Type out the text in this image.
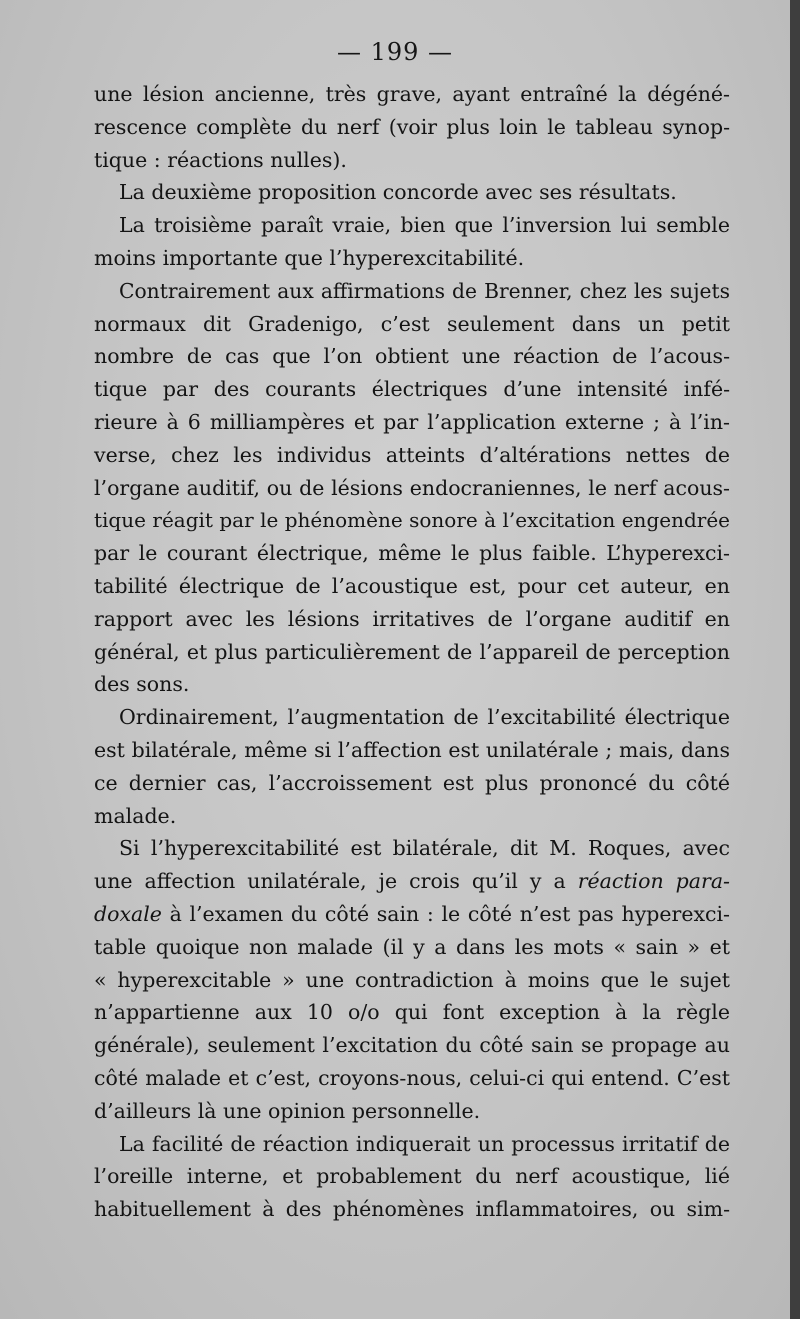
— 199 —
une lésion ancienne, très grave, ayant entraîné la dégéné-
rescence complète du nerf (voir plus loin le tableau synop-
tique : réactions nulles).
La deuxième proposition concorde avec ses résultats.
La troisième paraît vraie, bien que l’inversion lui semble
moins importante que l’hyperexcitabilité.
Contrairement aux affirmations de Brenner, chez les sujets
normaux dit Gradenigo, c’est seulement dans un petit
nombre de cas que l’on obtient une réaction de l’acous-
tique par des courants électriques d’une intensité infé-
rieure à 6 milliampères et par l’application externe ; à l’in-
verse, chez les individus atteints d’altérations nettes de
l’organe auditif, ou de lésions endocraniennes, le nerf acous-
tique réagit par le phénomène sonore à l’excitation engendrée
par le courant électrique, même le plus faible. L’hyperexci-
tabilité électrique de l’acoustique est, pour cet auteur, en
rapport avec les lésions irritatives de l’organe auditif en
général, et plus particulièrement de l’appareil de perception
des sons.
Ordinairement, l’augmentation de l’excitabilité électrique
est bilatérale, même si l’affection est unilatérale ; mais, dans
ce dernier cas, l’accroissement est plus prononcé du côté
malade.
Si l’hyperexcitabilité est bilatérale, dit M. Roques, avec
une affection unilatérale, je crois qu’il y a réaction para-
doxale à l’examen du côté sain : le côté n’est pas hyperexci-
table quoique non malade (il y a dans les mots « sain » et
« hyperexcitable » une contradiction à moins que le sujet
n’appartienne aux 10 o/o qui font exception à la règle
générale), seulement l’excitation du côté sain se propage au
côté malade et c’est, croyons-nous, celui-ci qui entend. C’est
d’ailleurs là une opinion personnelle.
La facilité de réaction indiquerait un processus irritatif de
l’oreille interne, et probablement du nerf acoustique, lié
habituellement à des phénomènes inflammatoires, ou sim-
